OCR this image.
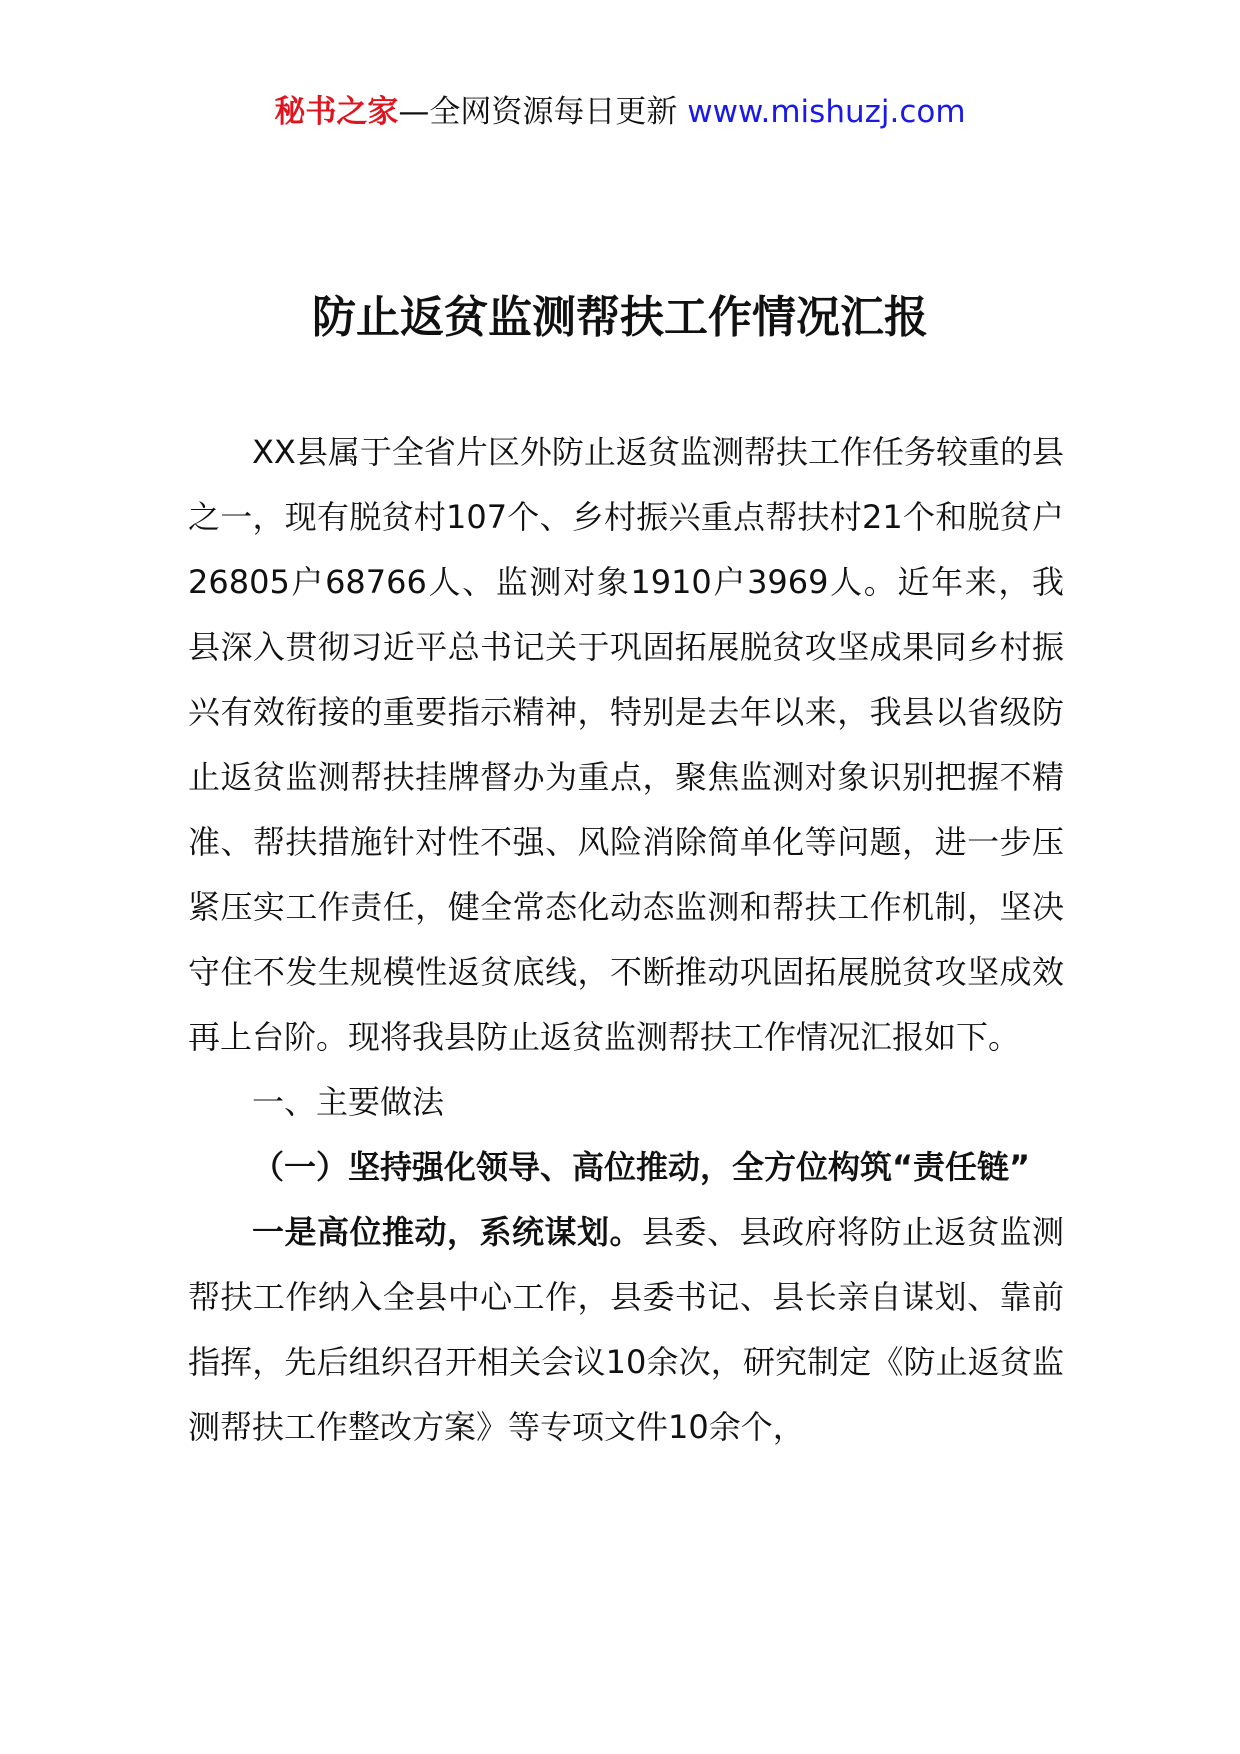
秘书之家—全网资源每日更新 www.mishuzj.com
防止返贫监测帮扶工作情况汇报

XX县属于全省片区外防止返贫监测帮扶工作任务较重的县之一，现有脱贫村107个、乡村振兴重点帮扶村21个和脱贫户26805户68766人、监测对象1910户3969人。近年来，我县深入贯彻习近平总书记关于巩固拓展脱贫攻坚成果同乡村振兴有效衔接的重要指示精神，特别是去年以来，我县以省级防止返贫监测帮扶挂牌督办为重点，聚焦监测对象识别把握不精准、帮扶措施针对性不强、风险消除简单化等问题，进一步压紧压实工作责任，健全常态化动态监测和帮扶工作机制，坚决守住不发生规模性返贫底线，不断推动巩固拓展脱贫攻坚成效再上台阶。现将我县防止返贫监测帮扶工作情况汇报如下。

一、主要做法

（一）坚持强化领导、高位推动，全方位构筑“责任链”

一是高位推动，系统谋划。县委、县政府将防止返贫监测帮扶工作纳入全县中心工作，县委书记、县长亲自谋划、靠前指挥，先后组织召开相关会议10余次，研究制定《防止返贫监测帮扶工作整改方案》等专项文件10余个，
